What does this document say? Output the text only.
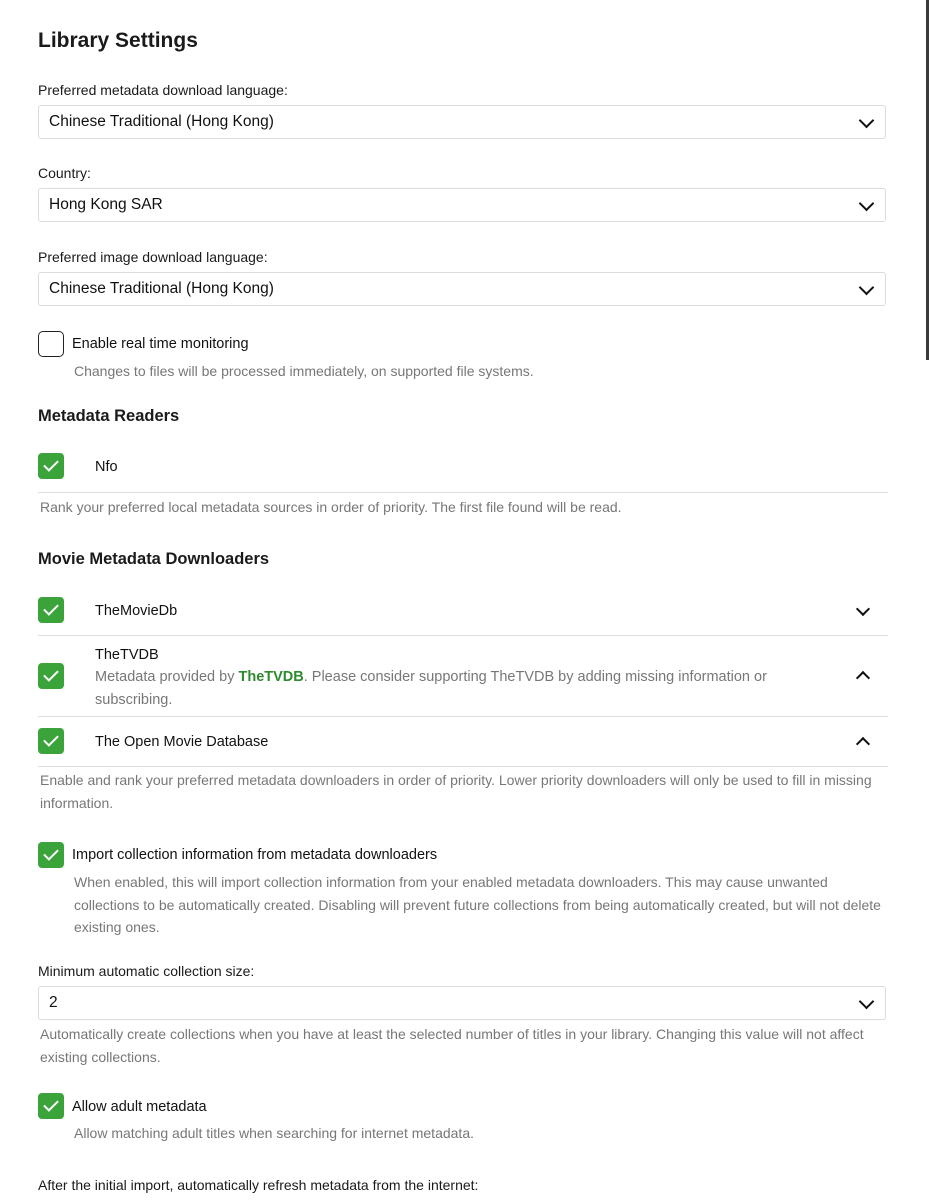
Library Settings
Preferred metadata download language:
Chinese Traditional (Hong Kong)
Country:
Hong Kong SAR
Preferred image download language:
Chinese Traditional (Hong Kong)
Enable real time monitoring
Changes to files will be processed immediately, on supported file systems.
Metadata Readers
Nfo
Rank your preferred local metadata sources in order of priority. The first file found will be read.
Movie Metadata Downloaders
TheMovieDb
TheTVDB
Metadata provided by TheTVDB. Please consider supporting TheTVDB by adding missing information or subscribing.
The Open Movie Database
Enable and rank your preferred metadata downloaders in order of priority. Lower priority downloaders will only be used to fill in missing information.
Import collection information from metadata downloaders
When enabled, this will import collection information from your enabled metadata downloaders. This may cause unwanted collections to be automatically created. Disabling will prevent future collections from being automatically created, but will not delete existing ones.
Minimum automatic collection size:
2
Automatically create collections when you have at least the selected number of titles in your library. Changing this value will not affect existing collections.
Allow adult metadata
Allow matching adult titles when searching for internet metadata.
After the initial import, automatically refresh metadata from the internet:
